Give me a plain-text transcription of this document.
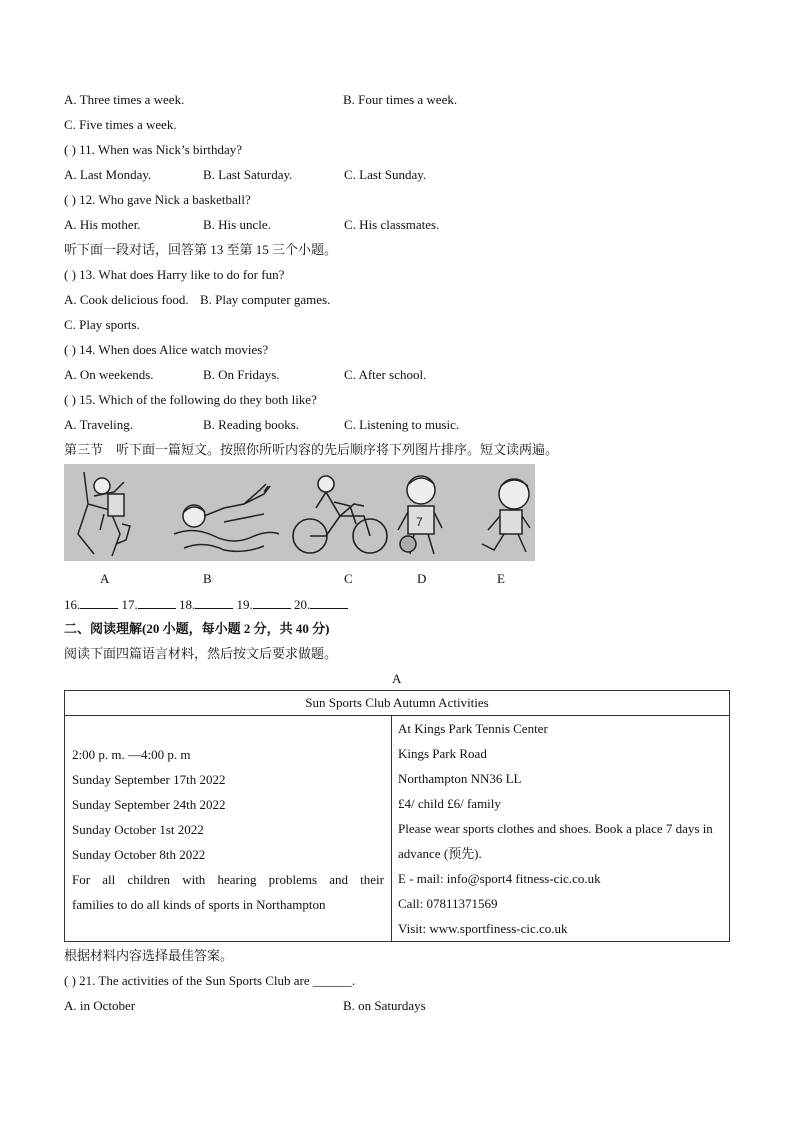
A. Three times a week.	B. Four times a week.
C. Five times a week.
( ) 11. When was Nick’s birthday?
A. Last Monday.	B. Last Saturday.	C. Last Sunday.
( ) 12. Who gave Nick a basketball?
A. His mother.	B. His uncle.	C. His classmates.
听下面一段对话，回答第 13 至第 15 三个小题。
( ) 13. What does Harry like to do for fun?
A. Cook delicious food. B. Play computer games.
C. Play sports.
( ) 14. When does Alice watch movies?
A. On weekends.	B. On Fridays.	C. After school.
( ) 15. Which of the following do they both like?
A. Traveling.	B. Reading books.	C. Listening to music.
第三节　听下面一篇短文。按照你所听内容的先后顺序将下列图片排序。短文读两遍。
7
A	B	C	D	E
16.	17.	18.	19.	20.
二、阅读理解(20 小题，每小题 2 分，共 40 分)
阅读下面四篇语言材料，然后按文后要求做题。
A
Sun Sports Club Autumn Activities

2:00 p. m. —4:00 p. m
Sunday September 17th 2022
Sunday September 24th 2022
Sunday October 1st 2022
Sunday October 8th 2022
For all children with hearing problems and their
families to do all kinds of sports in Northampton

At Kings Park Tennis Center
Kings Park Road
Northampton NN36 LL
£4/ child £6/ family
Please wear sports clothes and shoes. Book a place 7 days in
advance (预先).
E - mail: info@sport4 fitness-cic.co.uk
Call: 07811371569
Visit: www.sportfiness-cic.co.uk
根据材料内容选择最佳答案。
( ) 21. The activities of the Sun Sports Club are ______.
A. in October	B. on Saturdays
